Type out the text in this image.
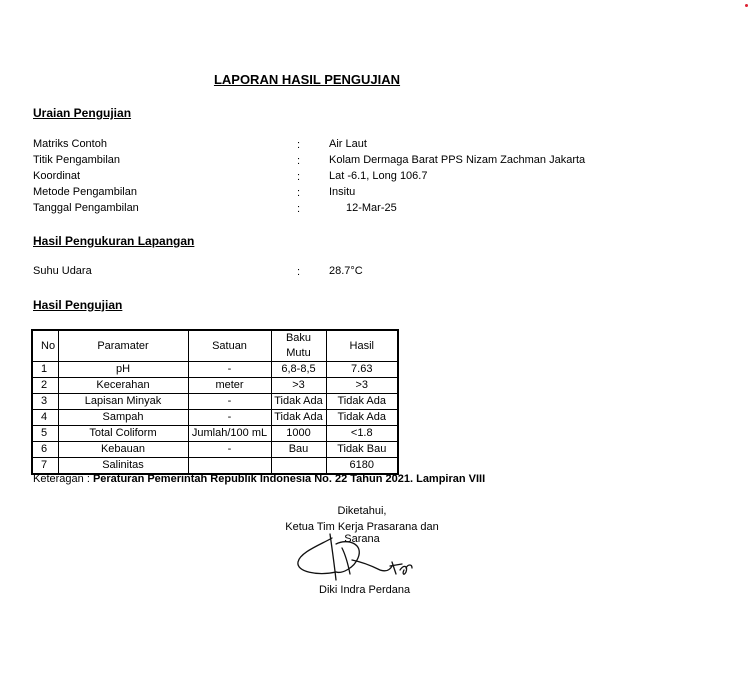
LAPORAN HASIL PENGUJIAN
Uraian Pengujian
Matriks Contoh	:	Air Laut
Titik Pengambilan	:	Kolam Dermaga Barat PPS Nizam Zachman Jakarta
Koordinat	:	Lat -6.1, Long 106.7
Metode Pengambilan	:	Insitu
Tanggal Pengambilan	:	12-Mar-25
Hasil Pengukuran Lapangan
Suhu Udara	:	28.7°C
Hasil Pengujian
No	Paramater	Satuan	Baku Mutu	Hasil
1	pH	-	6,8-8,5	7.63
2	Kecerahan	meter	>3	>3
3	Lapisan Minyak	-	Tidak Ada	Tidak Ada
4	Sampah	-	Tidak Ada	Tidak Ada
5	Total Coliform	Jumlah/100 mL	1000	<1.8
6	Kebauan	-	Bau	Tidak Bau
7	Salinitas			6180
Keteragan : Peraturan Pemerintah Republik Indonesia No. 22 Tahun 2021. Lampiran VIII
Diketahui,
Ketua Tim Kerja Prasarana dan Sarana
Diki Indra Perdana
